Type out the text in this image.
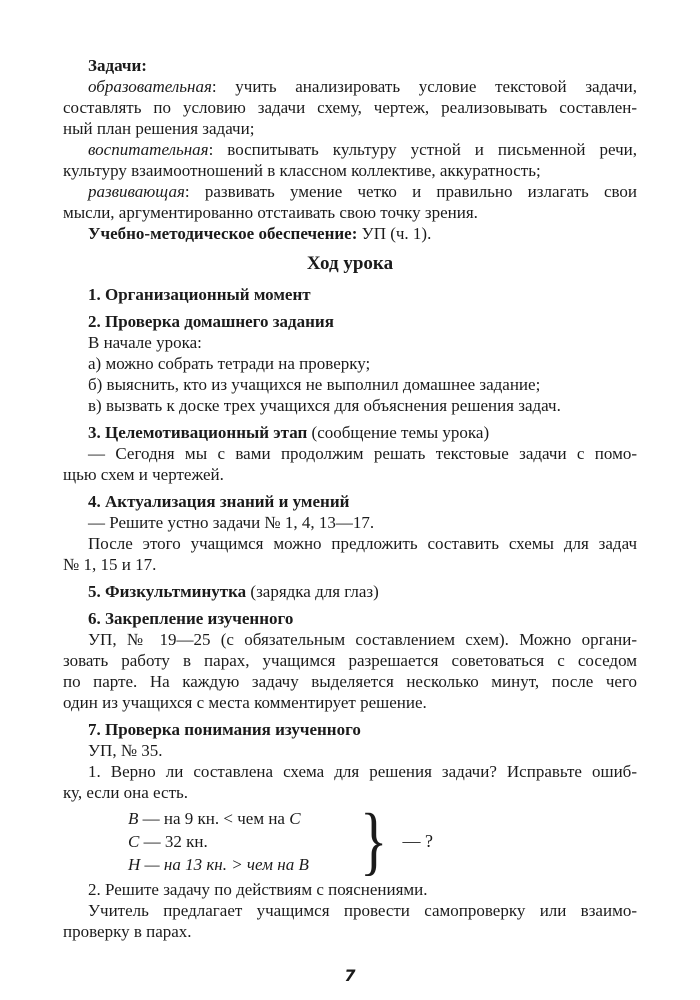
Задачи:
образовательная: учить анализировать условие текстовой задачи,
составлять по условию задачи схему, чертеж, реализовывать составлен-
ный план решения задачи;
воспитательная: воспитывать культуру устной и письменной речи,
культуру взаимоотношений в классном коллективе, аккуратность;
развивающая: развивать умение четко и правильно излагать свои
мысли, аргументированно отстаивать свою точку зрения.
Учебно-методическое обеспечение: УП (ч. 1).
Ход урока
1. Организационный момент
2. Проверка домашнего задания
В начале урока:
а) можно собрать тетради на проверку;
б) выяснить, кто из учащихся не выполнил домашнее задание;
в) вызвать к доске трех учащихся для объяснения решения задач.
3. Целемотивационный этап (сообщение темы урока)
— Сегодня мы с вами продолжим решать текстовые задачи с помо-
щью схем и чертежей.
4. Актуализация знаний и умений
— Решите устно задачи № 1, 4, 13—17.
После этого учащимся можно предложить составить схемы для задач
№ 1, 15 и 17.
5. Физкультминутка (зарядка для глаз)
6. Закрепление изученного
УП, № 19—25 (с обязательным составлением схем). Можно органи-
зовать работу в парах, учащимся разрешается советоваться с соседом
по парте. На каждую задачу выделяется несколько минут, после чего
один из учащихся с места комментирует решение.
7. Проверка понимания изученного
УП, № 35.
1. Верно ли составлена схема для решения задачи? Исправьте ошиб-
ку, если она есть.
B — на 9 кн. < чем на C
C — 32 кн.
H — на 13 кн. > чем на B } — ?
2. Решите задачу по действиям с пояснениями.
Учитель предлагает учащимся провести самопроверку или взаимо-
проверку в парах.
7
